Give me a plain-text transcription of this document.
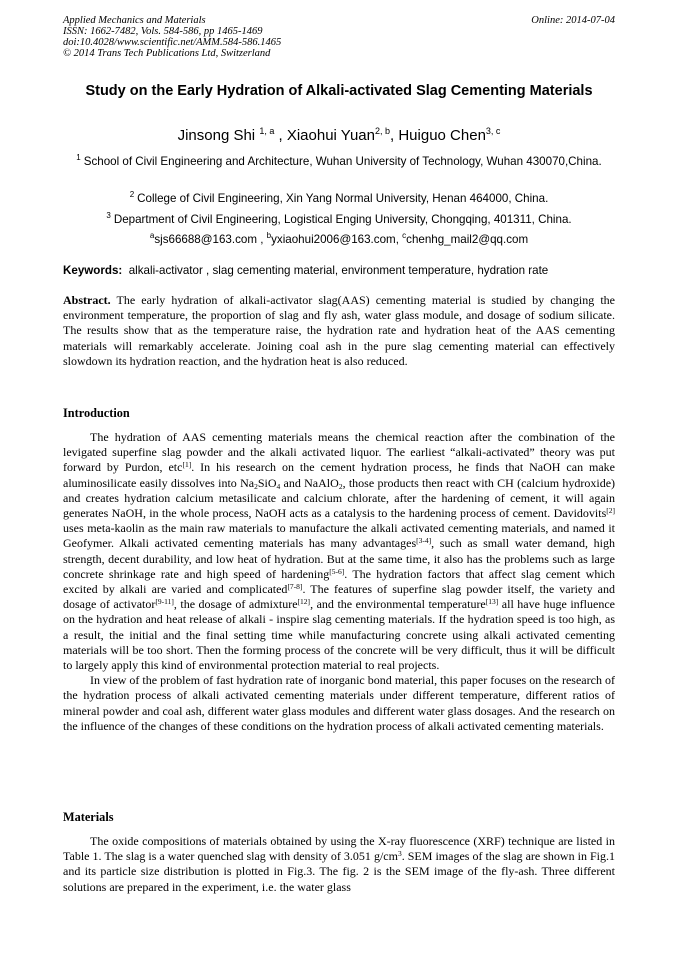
Applied Mechanics and Materials
ISSN: 1662-7482, Vols. 584-586, pp 1465-1469
doi:10.4028/www.scientific.net/AMM.584-586.1465
© 2014 Trans Tech Publications Ltd, Switzerland
Online: 2014-07-04
Study on the Early Hydration of Alkali-activated Slag Cementing Materials
Jinsong Shi $^{1, a}$ , Xiaohui Yuan$^{2, b}$, Huiguo Chen$^{3, c}$
$^1$ School of Civil Engineering and Architecture, Wuhan University of Technology, Wuhan 430070,China.
$^2$ College of Civil Engineering, Xin Yang Normal University, Henan 464000, China.
$^3$ Department of Civil Engineering, Logistical Enging University, Chongqing, 401311, China.
$^a$sjs66688@163.com , $^b$yxiaohui2006@163.com, $^c$chenhg_mail2@qq.com
Keywords: alkali-activator , slag cementing material, environment temperature, hydration rate

Abstract. The early hydration of alkali-activator slag(AAS) cementing material is studied by changing the environment temperature, the proportion of slag and fly ash, water glass module, and dosage of sodium silicate. The results show that as the temperature raise, the hydration rate and hydration heat of the AAS cementing materials will remarkably accelerate. Joining coal ash in the pure slag cementing material can effectively slowdown its hydration reaction, and the hydration heat is also reduced.

Introduction

The hydration of AAS cementing materials means the chemical reaction after the combination of the levigated superfine slag powder and the alkali activated liquor. The earliest “alkali-activated” theory was put forward by Purdon, etc[1]. In his research on the cement hydration process, he finds that NaOH can make aluminosilicate easily dissolves into $Na_2SiO_4$ and NaAlO$_2$, those products then react with CH (calcium hydroxide) and creates hydration calcium metasilicate and calcium chlorate, after the hardening of cement, it will again generates NaOH, in the whole process, NaOH acts as a catalysis to the hardening process of cement. Davidovits[2] uses meta-kaolin as the main raw materials to manufacture the alkali activated cementing materials, and named it Geofymer. Alkali activated cementing materials has many advantages[3-4], such as small water demand, high strength, decent durability, and low heat of hydration. But at the same time, it also has the problems such as large concrete shrinkage rate and high speed of hardening[5-6]. The hydration factors that affect slag cement which excited by alkali are varied and complicated[7-8]. The features of superfine slag powder itself, the variety and dosage of activator[9-11], the dosage of admixture[12], and the environmental temperature[13] all have huge influence on the hydration and heat release of alkali - inspire slag cementing materials. If the hydration speed is too high, as a result, the initial and the final setting time while manufacturing concrete using alkali activated cementing materials will be too short. Then the forming process of the concrete will be very difficult, thus it will be difficult to largely apply this kind of environmental protection material to real projects.

In view of the problem of fast hydration rate of inorganic bond material, this paper focuses on the research of the hydration process of alkali activated cementing materials under different temperature, different ratios of mineral powder and coal ash, different water glass modules and different water glass dosages. And the research on the influence of the changes of these conditions on the hydration process of alkali activated cementing materials.

Materials

The oxide compositions of materials obtained by using the X-ray fluorescence (XRF) technique are listed in Table 1. The slag is a water quenched slag with density of 3.051 $g/cm^3$. SEM images of the slag are shown in Fig.1 and its particle size distribution is plotted in Fig.3. The fig. 2 is the SEM image of the fly-ash. Three different solutions are prepared in the experiment, i.e. the water glass
